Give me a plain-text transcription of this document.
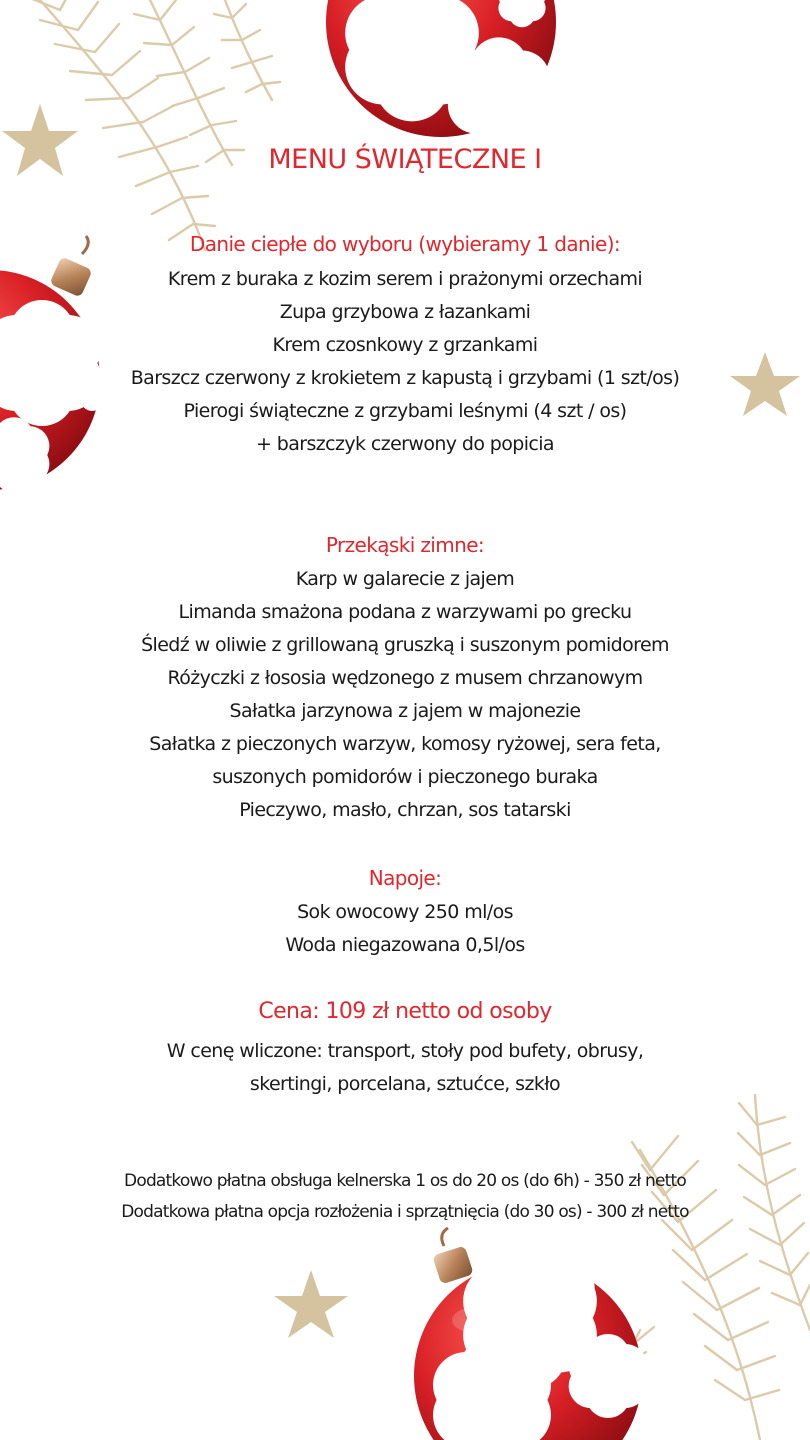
MENU ŚWIĄTECZNE I
Danie ciepłe do wyboru (wybieramy 1 danie):
Krem z buraka z kozim serem i prażonymi orzechami
Zupa grzybowa z łazankami
Krem czosnkowy z grzankami
Barszcz czerwony z krokietem z kapustą i grzybami (1 szt/os)
Pierogi świąteczne z grzybami leśnymi (4 szt / os)
+ barszczyk czerwony do popicia
Przekąski zimne:
Karp w galarecie z jajem
Limanda smażona podana z warzywami po grecku
Śledź w oliwie z grillowaną gruszką i suszonym pomidorem
Różyczki z łososia wędzonego z musem chrzanowym
Sałatka jarzynowa z jajem w majonezie
Sałatka z pieczonych warzyw, komosy ryżowej, sera feta,
suszonych pomidorów i pieczonego buraka
Pieczywo, masło, chrzan, sos tatarski
Napoje:
Sok owocowy 250 ml/os
Woda niegazowana 0,5l/os
Cena: 109 zł netto od osoby
W cenę wliczone: transport, stoły pod bufety, obrusy,
skertingi, porcelana, sztućce, szkło
Dodatkowo płatna obsługa kelnerska 1 os do 20 os (do 6h) - 350 zł netto
Dodatkowa płatna opcja rozłożenia i sprzątnięcia (do 30 os) - 300 zł netto
